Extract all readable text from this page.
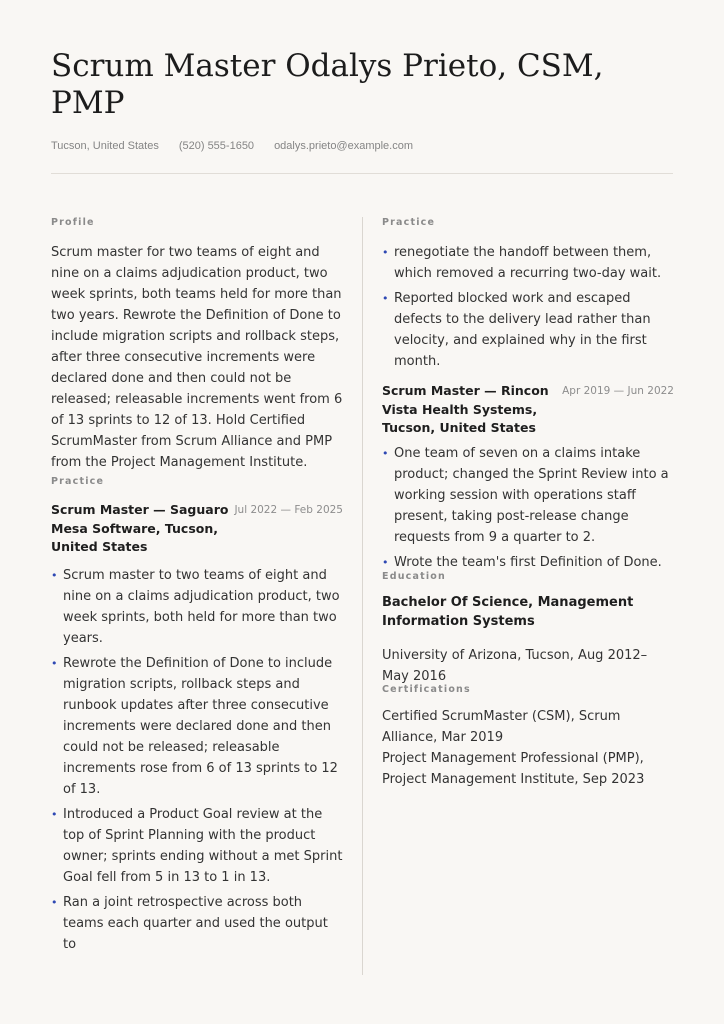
Scrum Master Odalys Prieto, CSM, PMP
Tucson, United States (520) 555-1650 odalys.prieto@example.com
Profile

Scrum master for two teams of eight and nine on a claims adjudication product, two week sprints, both teams held for more than two years. Rewrote the Definition of Done to include migration scripts and rollback steps, after three consecutive increments were declared done and then could not be released; releasable increments went from 6 of 13 sprints to 12 of 13. Hold Certified ScrumMaster from Scrum Alliance and PMP from the Project Management Institute.

Practice
Scrum Master — Saguaro Mesa Software, Tucson, United States
Jul 2022 — Feb 2025
• Scrum master to two teams of eight and nine on a claims adjudication product, two week sprints, both held for more than two years.
• Rewrote the Definition of Done to include migration scripts, rollback steps and runbook updates after three consecutive increments were declared done and then could not be released; releasable increments rose from 6 of 13 sprints to 12 of 13.
• Introduced a Product Goal review at the top of Sprint Planning with the product owner; sprints ending without a met Sprint Goal fell from 5 in 13 to 1 in 13.
• Ran a joint retrospective across both teams each quarter and used the output to
Practice
• renegotiate the handoff between them, which removed a recurring two-day wait.
• Reported blocked work and escaped defects to the delivery lead rather than velocity, and explained why in the first month.
Scrum Master — Rincon Vista Health Systems, Tucson, United States
Apr 2019 — Jun 2022
• One team of seven on a claims intake product; changed the Sprint Review into a working session with operations staff present, taking post-release change requests from 9 a quarter to 2.
• Wrote the team's first Definition of Done.
Education

Bachelor Of Science, Management Information Systems

University of Arizona, Tucson, Aug 2012–May 2016

Certifications

Certified ScrumMaster (CSM), Scrum Alliance, Mar 2019

Project Management Professional (PMP), Project Management Institute, Sep 2023
